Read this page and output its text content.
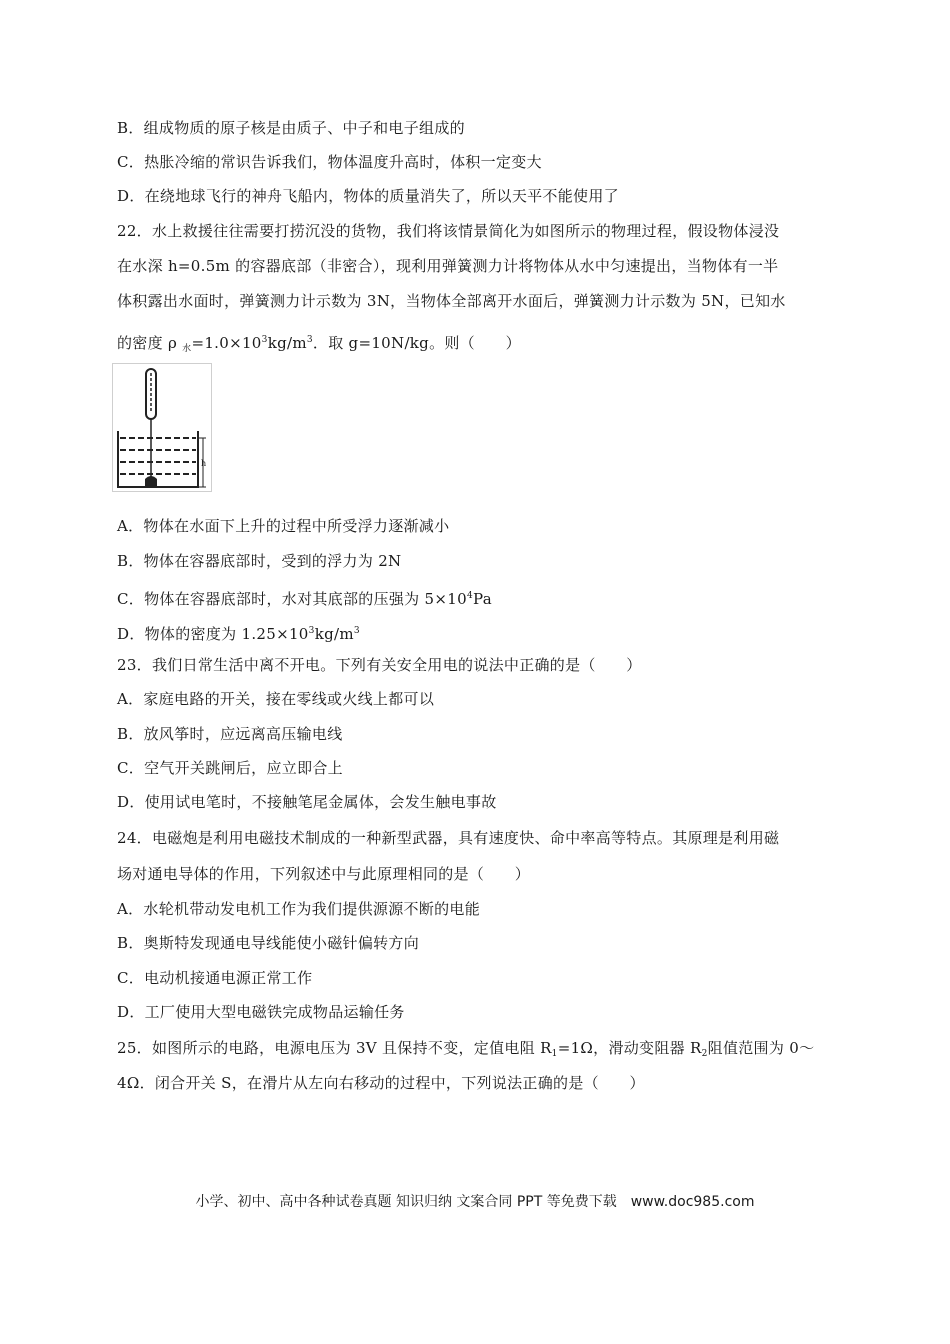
B．组成物质的原子核是由质子、中子和电子组成的
C．热胀冷缩的常识告诉我们，物体温度升高时，体积一定变大
D．在绕地球飞行的神舟飞船内，物体的质量消失了，所以天平不能使用了
22．水上救援往往需要打捞沉没的货物，我们将该情景简化为如图所示的物理过程，假设物体浸没
在水深 h=0.5m 的容器底部（非密合），现利用弹簧测力计将物体从水中匀速提出，当物体有一半
体积露出水面时，弹簧测力计示数为 3N，当物体全部离开水面后，弹簧测力计示数为 5N，已知水
的密度 ρ $_水=1.0\times 10^3kg/m^3$．取 g=10N/kg。则（　　）
h
A．物体在水面下上升的过程中所受浮力逐渐减小
B．物体在容器底部时，受到的浮力为 2N
C．物体在容器底部时，水对其底部的压强为 $5\times 10^4Pa$
D．物体的密度为 $1.25\times 10^3kg/m^3$
23．我们日常生活中离不开电。下列有关安全用电的说法中正确的是（　　）
A．家庭电路的开关，接在零线或火线上都可以
B．放风筝时，应远离高压输电线
C．空气开关跳闸后，应立即合上
D．使用试电笔时，不接触笔尾金属体，会发生触电事故
24．电磁炮是利用电磁技术制成的一种新型武器，具有速度快、命中率高等特点。其原理是利用磁
场对通电导体的作用，下列叙述中与此原理相同的是（　　）
A．水轮机带动发电机工作为我们提供源源不断的电能
B．奥斯特发现通电导线能使小磁针偏转方向
C．电动机接通电源正常工作
D．工厂使用大型电磁铁完成物品运输任务
25．如图所示的电路，电源电压为 3V 且保持不变，定值电阻 $R_1=1\Omega$，滑动变阻器 $R_2$阻值范围为 0～
4Ω．闭合开关 S，在滑片从左向右移动的过程中，下列说法正确的是（　　）
小学、初中、高中各种试卷真题 知识归纳 文案合同 PPT 等免费下载　www.doc985.com
